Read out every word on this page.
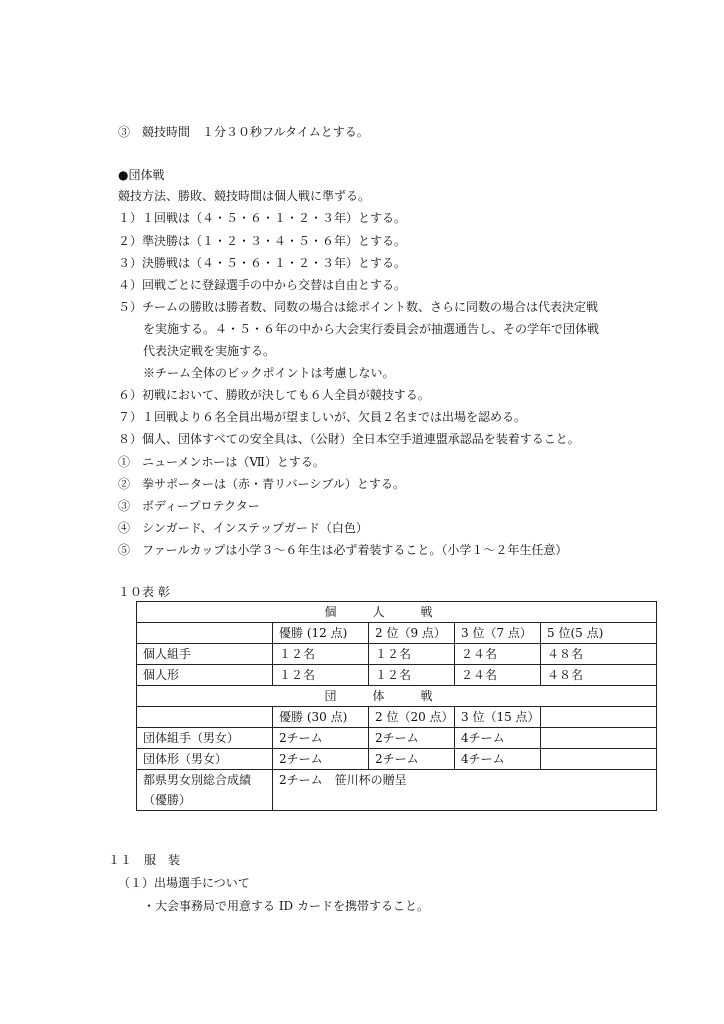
③　競技時間　１分３０秒フルタイムとする。
●団体戦
競技方法、勝敗、競技時間は個人戦に準ずる。
１）１回戦は（４・５・６・１・２・３年）とする。
２）準決勝は（１・２・３・４・５・６年）とする。
３）決勝戦は（４・５・６・１・２・３年）とする。
４）回戦ごとに登録選手の中から交替は自由とする。
５）チームの勝敗は勝者数、同数の場合は総ポイント数、さらに同数の場合は代表決定戦
を実施する。４・５・６年の中から大会実行委員会が抽選通告し、その学年で団体戦
代表決定戦を実施する。
※チーム全体のビックポイントは考慮しない。
６）初戦において、勝敗が決しても６人全員が競技する。
７）１回戦より６名全員出場が望ましいが、欠員２名までは出場を認める。
８）個人、団体すべての安全具は、（公財）全日本空手道連盟承認品を装着すること。
①　ニューメンホーは（Ⅶ）とする。
②　拳サポーターは（赤・青リバーシブル）とする。
③　ボディープロテクター
④　シンガード、インステップガード（白色）
⑤　ファールカップは小学３～６年生は必ず着装すること。（小学１～２年生任意）
１０表 彰
個人戦				
	優勝 (12 点)	2 位（9 点）	3 位（7 点）	5 位(5 点)
個人組手	１２名	１２名	２４名	４８名
個人形	１２名	１２名	２４名	４８名
団体戦				
	優勝 (30 点)	2 位（20 点）	3 位（15 点）	
団体組手（男女）	2チーム	2チーム	4チーム	
団体形（男女）	2チーム	2チーム	4チーム	
都県男女別総合成績
（優勝）	2チーム　笹川杯の贈呈			
１１　服　装
（１）出場選手について
・大会事務局で用意する ID カードを携帯すること。
